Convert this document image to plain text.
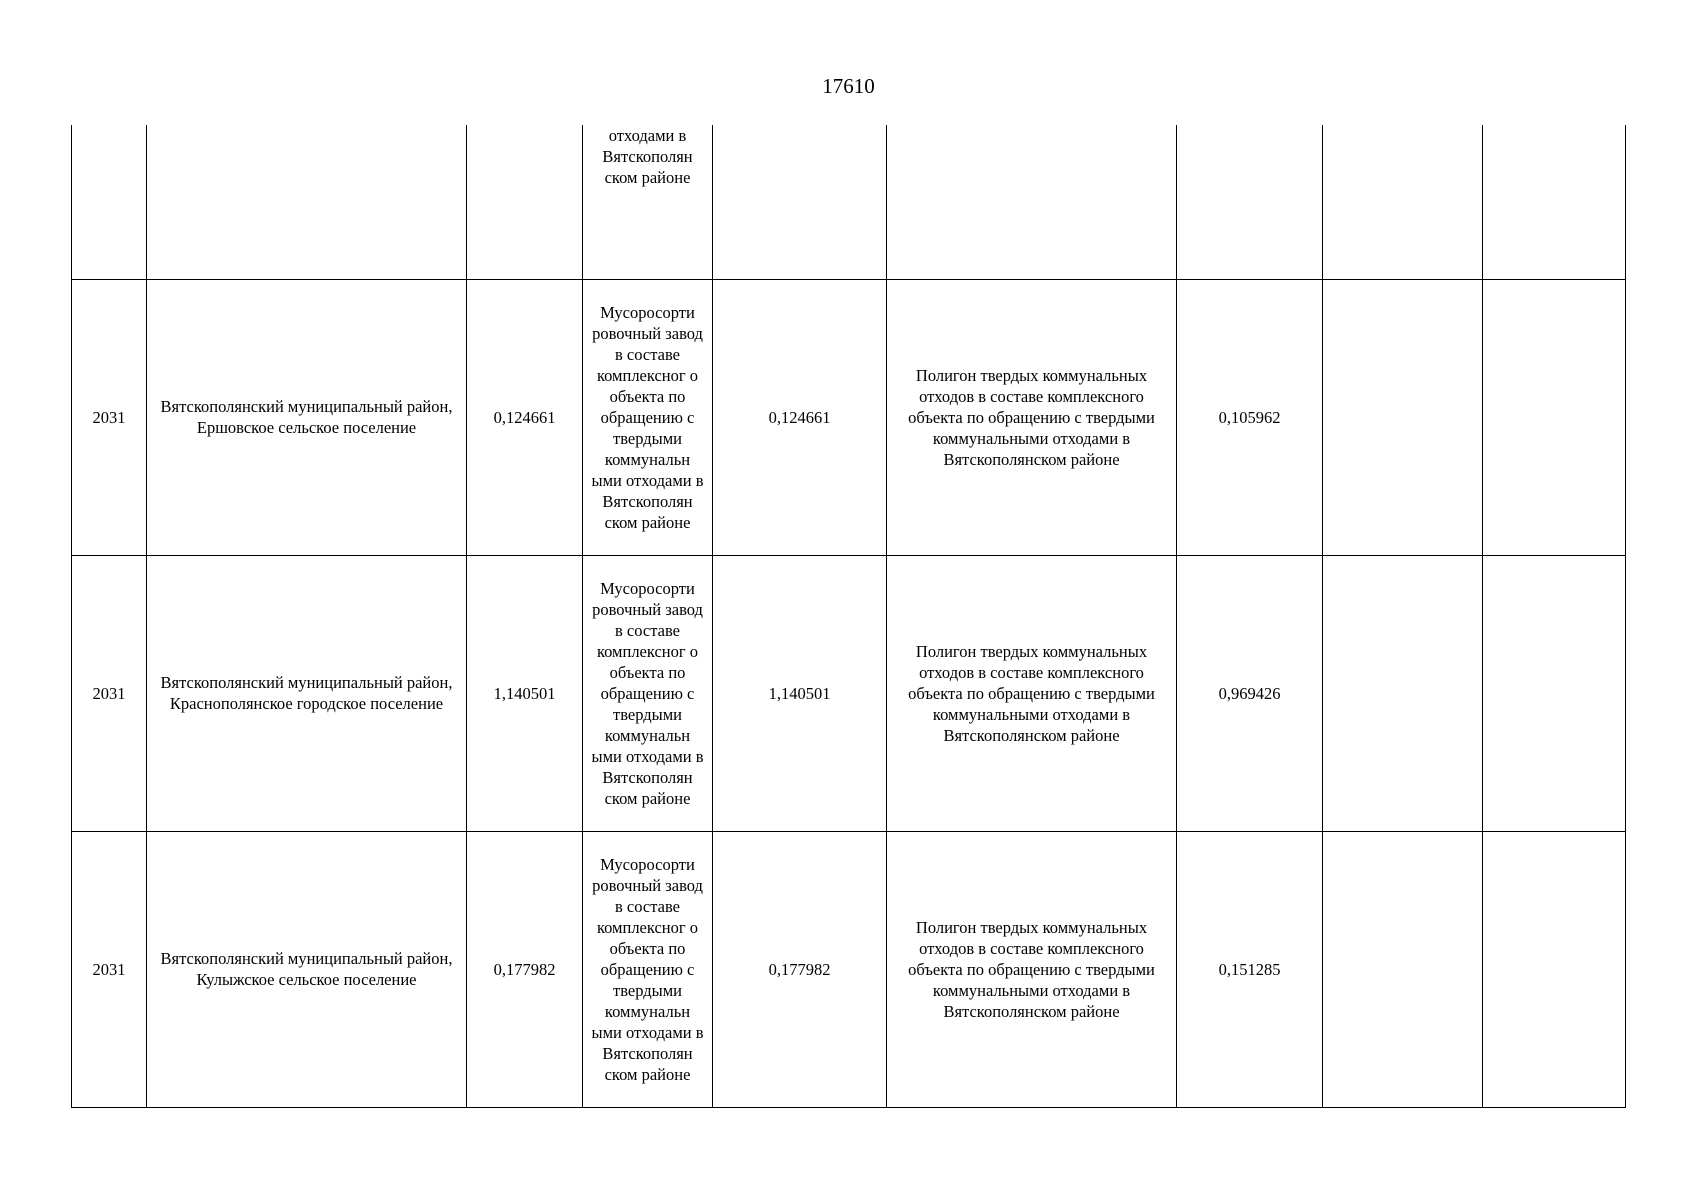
17610
			отходами в Вятскополян ском районе					
2031	Вятскополянский муниципальный район, Ершовское сельское поселение	0,124661	Мусоросорти ровочный завод в составе комплексног о объекта по обращению с твердыми коммунальн ыми отходами в Вятскополян ском районе	0,124661	Полигон твердых коммунальных отходов в составе комплексного объекта по обращению с твердыми коммунальными отходами в Вятскополянском районе	0,105962		
2031	Вятскополянский муниципальный район, Краснополянское городское поселение	1,140501	Мусоросорти ровочный завод в составе комплексног о объекта по обращению с твердыми коммунальн ыми отходами в Вятскополян ском районе	1,140501	Полигон твердых коммунальных отходов в составе комплексного объекта по обращению с твердыми коммунальными отходами в Вятскополянском районе	0,969426		
2031	Вятскополянский муниципальный район, Кулыжское сельское поселение	0,177982	Мусоросорти ровочный завод в составе комплексног о объекта по обращению с твердыми коммунальн ыми отходами в Вятскополян ском районе	0,177982	Полигон твердых коммунальных отходов в составе комплексного объекта по обращению с твердыми коммунальными отходами в Вятскополянском районе	0,151285		
